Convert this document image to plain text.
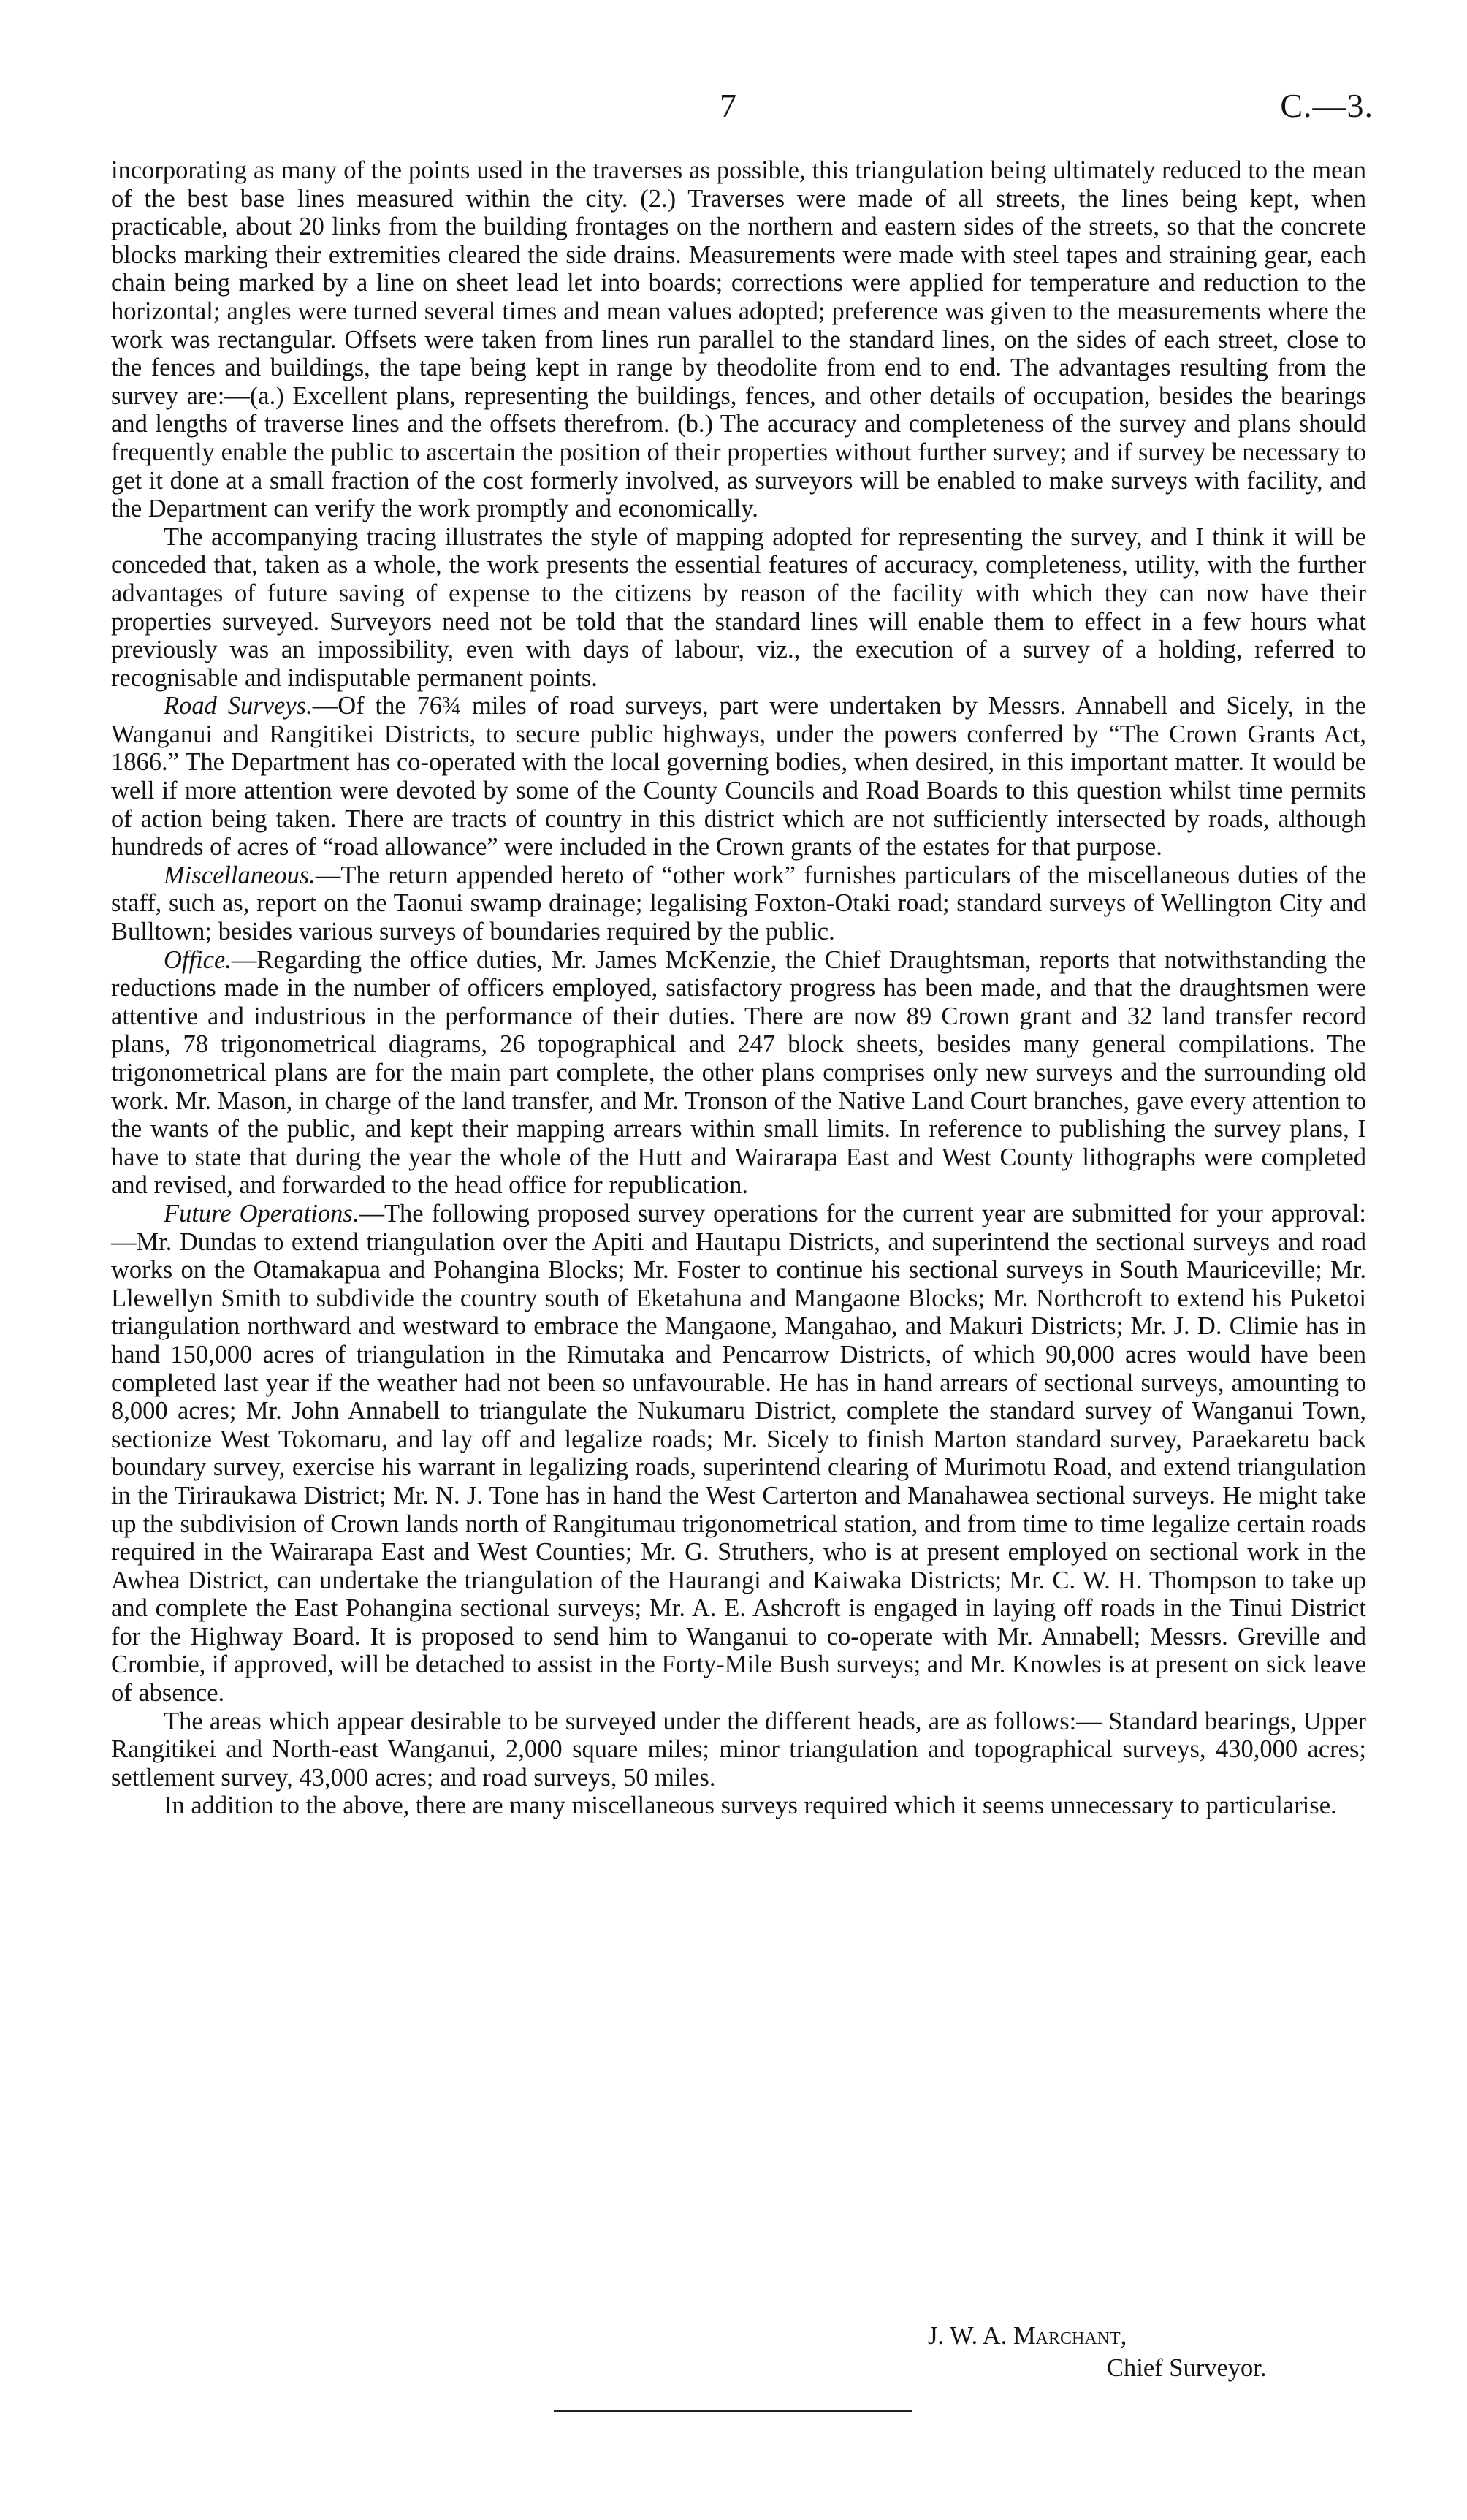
7	C.—3.

incorporating as many of the points used in the traverses as possible, this triangulation being ultimately reduced to the mean of the best base lines measured within the city. (2.) Traverses were made of all streets, the lines being kept, when practicable, about 20 links from the building frontages on the northern and eastern sides of the streets, so that the concrete blocks marking their extremities cleared the side drains. Measurements were made with steel tapes and straining gear, each chain being marked by a line on sheet lead let into boards; corrections were applied for temperature and reduction to the horizontal; angles were turned several times and mean values adopted; preference was given to the measurements where the work was rectangular. Offsets were taken from lines run parallel to the standard lines, on the sides of each street, close to the fences and buildings, the tape being kept in range by theodolite from end to end. The advantages resulting from the survey are:—(a.) Excellent plans, representing the buildings, fences, and other details of occupation, besides the bearings and lengths of traverse lines and the offsets therefrom. (b.) The accuracy and completeness of the survey and plans should frequently enable the public to ascertain the position of their properties without further survey; and if survey be necessary to get it done at a small fraction of the cost formerly involved, as surveyors will be enabled to make surveys with facility, and the Department can verify the work promptly and economically.

The accompanying tracing illustrates the style of mapping adopted for representing the survey, and I think it will be conceded that, taken as a whole, the work presents the essential features of accuracy, completeness, utility, with the further advantages of future saving of expense to the citizens by reason of the facility with which they can now have their properties surveyed. Surveyors need not be told that the standard lines will enable them to effect in a few hours what previously was an impossibility, even with days of labour, viz., the execution of a survey of a holding, referred to recognisable and indisputable permanent points.

Road Surveys.—Of the 76¾ miles of road surveys, part were undertaken by Messrs. Annabell and Sicely, in the Wanganui and Rangitikei Districts, to secure public highways, under the powers conferred by “The Crown Grants Act, 1866.” The Department has co-operated with the local governing bodies, when desired, in this important matter. It would be well if more attention were devoted by some of the County Councils and Road Boards to this question whilst time permits of action being taken. There are tracts of country in this district which are not sufficiently intersected by roads, although hundreds of acres of “road allowance” were included in the Crown grants of the estates for that purpose.

Miscellaneous.—The return appended hereto of “other work” furnishes particulars of the miscellaneous duties of the staff, such as, report on the Taonui swamp drainage; legalising Foxton-Otaki road; standard surveys of Wellington City and Bulltown; besides various surveys of boundaries required by the public.

Office.—Regarding the office duties, Mr. James McKenzie, the Chief Draughtsman, reports that notwithstanding the reductions made in the number of officers employed, satisfactory progress has been made, and that the draughtsmen were attentive and industrious in the performance of their duties. There are now 89 Crown grant and 32 land transfer record plans, 78 trigonometrical diagrams, 26 topographical and 247 block sheets, besides many general compilations. The trigonometrical plans are for the main part complete, the other plans comprises only new surveys and the surrounding old work. Mr. Mason, in charge of the land transfer, and Mr. Tronson of the Native Land Court branches, gave every attention to the wants of the public, and kept their mapping arrears within small limits. In reference to publishing the survey plans, I have to state that during the year the whole of the Hutt and Wairarapa East and West County lithographs were completed and revised, and forwarded to the head office for republication.

Future Operations.—The following proposed survey operations for the current year are submitted for your approval:—Mr. Dundas to extend triangulation over the Apiti and Hautapu Districts, and superintend the sectional surveys and road works on the Otamakapua and Pohangina Blocks; Mr. Foster to continue his sectional surveys in South Mauriceville; Mr. Llewellyn Smith to subdivide the country south of Eketahuna and Mangaone Blocks; Mr. Northcroft to extend his Puketoi triangulation northward and westward to embrace the Mangaone, Mangahao, and Makuri Districts; Mr. J. D. Climie has in hand 150,000 acres of triangulation in the Rimutaka and Pencarrow Districts, of which 90,000 acres would have been completed last year if the weather had not been so unfavourable. He has in hand arrears of sectional surveys, amounting to 8,000 acres; Mr. John Annabell to triangulate the Nukumaru District, complete the standard survey of Wanganui Town, sectionize West Tokomaru, and lay off and legalize roads; Mr. Sicely to finish Marton standard survey, Paraekaretu back boundary survey, exercise his warrant in legalizing roads, superintend clearing of Murimotu Road, and extend triangulation in the Tiriraukawa District; Mr. N. J. Tone has in hand the West Carterton and Manahawea sectional surveys. He might take up the subdivision of Crown lands north of Rangitumau trigonometrical station, and from time to time legalize certain roads required in the Wairarapa East and West Counties; Mr. G. Struthers, who is at present employed on sectional work in the Awhea District, can undertake the triangulation of the Haurangi and Kaiwaka Districts; Mr. C. W. H. Thompson to take up and complete the East Pohangina sectional surveys; Mr. A. E. Ashcroft is engaged in laying off roads in the Tinui District for the Highway Board. It is proposed to send him to Wanganui to co-operate with Mr. Annabell; Messrs. Greville and Crombie, if approved, will be detached to assist in the Forty-Mile Bush surveys; and Mr. Knowles is at present on sick leave of absence.

The areas which appear desirable to be surveyed under the different heads, are as follows:— Standard bearings, Upper Rangitikei and North-east Wanganui, 2,000 square miles; minor triangulation and topographical surveys, 430,000 acres; settlement survey, 43,000 acres; and road surveys, 50 miles.

In addition to the above, there are many miscellaneous surveys required which it seems unnecessary to particularise.

J. W. A. Marchant,
Chief Surveyor.
